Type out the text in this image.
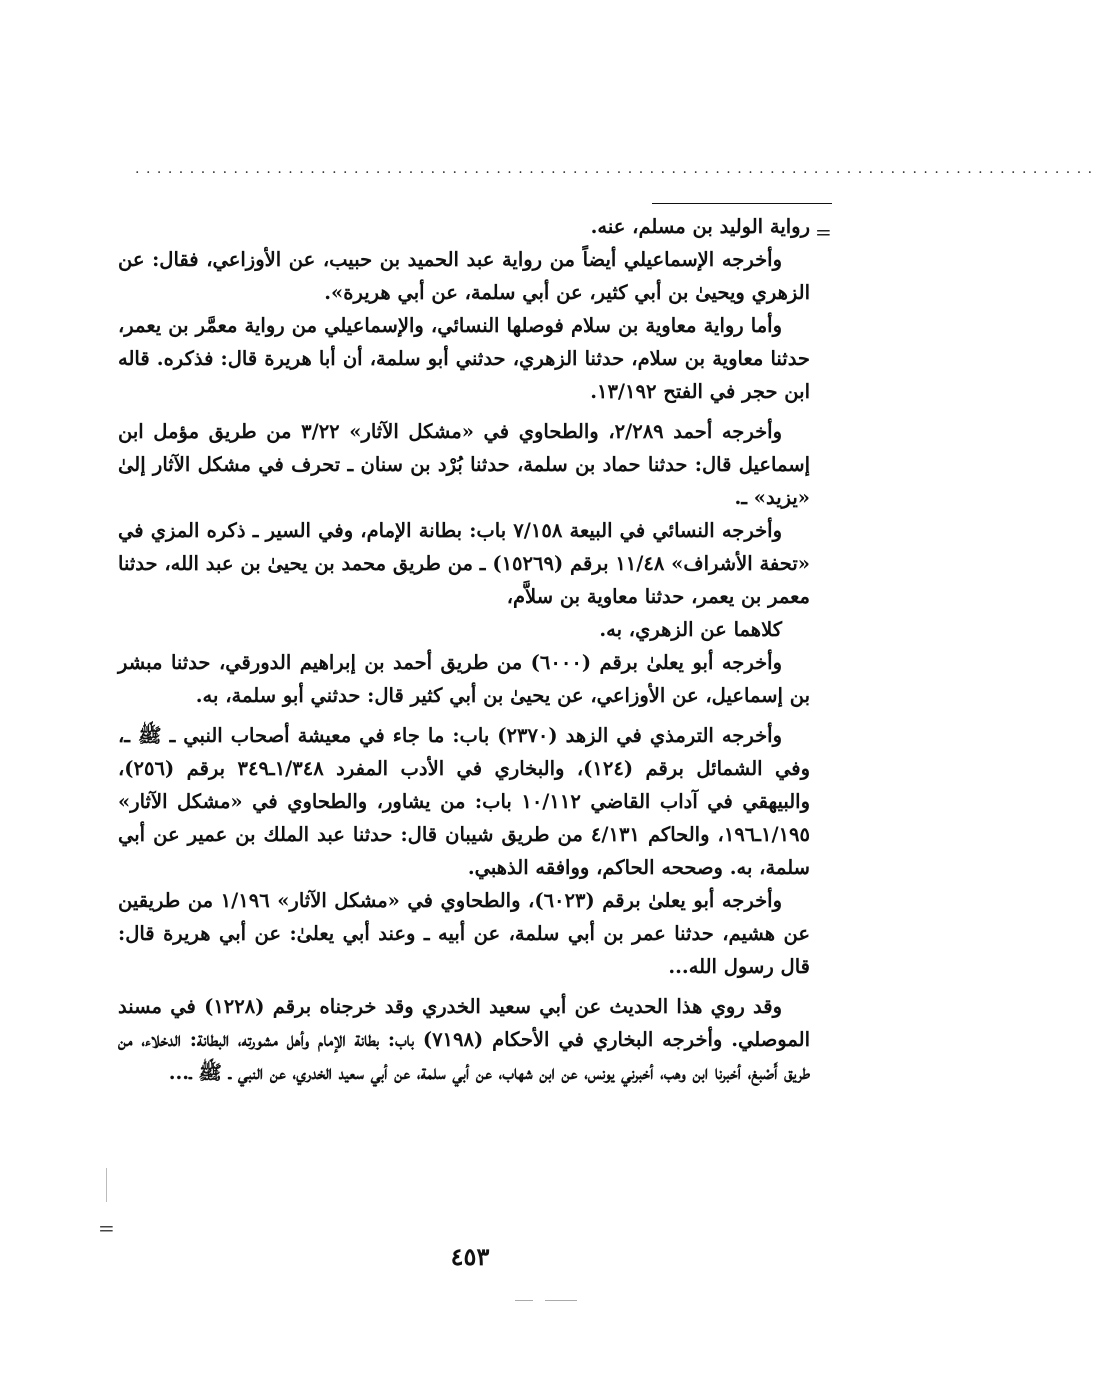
........................................................................................
=
=

رواية الوليد بن مسلم، عنه.

وأخرجه الإسماعيلي أيضاً من رواية عبد الحميد بن حبيب، عن الأوزاعي، فقال: عن الزهري ويحيىٰ بن أبي كثير، عن أبي سلمة، عن أبي هريرة».

وأما رواية معاوية بن سلام فوصلها النسائي، والإسماعيلي من رواية معمَّر بن يعمر، حدثنا معاوية بن سلام، حدثنا الزهري، حدثني أبو سلمة، أن أبا هريرة قال: فذكره. قاله ابن حجر في الفتح ١٣/١٩٢.

وأخرجه أحمد ٢/٢٨٩، والطحاوي في «مشكل الآثار» ٣/٢٢ من طريق مؤمل ابن إسماعيل قال: حدثنا حماد بن سلمة، حدثنا بُرْد بن سنان ـ تحرف في مشكل الآثار إلىٰ «يزيد» ـ.

وأخرجه النسائي في البيعة ٧/١٥٨ باب: بطانة الإمام، وفي السير ـ ذكره المزي في «تحفة الأشراف» ١١/٤٨ برقم (١٥٢٦٩) ـ من طريق محمد بن يحيىٰ بن عبد الله، حدثنا معمر بن يعمر، حدثنا معاوية بن سلاَّم،

كلاهما عن الزهري، به.

وأخرجه أبو يعلىٰ برقم (٦٠٠٠) من طريق أحمد بن إبراهيم الدورقي، حدثنا مبشر بن إسماعيل، عن الأوزاعي، عن يحيىٰ بن أبي كثير قال: حدثني أبو سلمة، به.

وأخرجه الترمذي في الزهد (٢٣٧٠) باب: ما جاء في معيشة أصحاب النبي ـ ﷺ ـ، وفي الشمائل برقم (١٢٤)، والبخاري في الأدب المفرد ١/٣٤٨ـ٣٤٩ برقم (٢٥٦)، والبيهقي في آداب القاضي ١٠/١١٢ باب: من يشاور، والطحاوي في «مشكل الآثار» ١/١٩٥ـ١٩٦، والحاكم ٤/١٣١ من طريق شيبان قال: حدثنا عبد الملك بن عمير عن أبي سلمة، به. وصححه الحاكم، ووافقه الذهبي.

وأخرجه أبو يعلىٰ برقم (٦٠٢٣)، والطحاوي في «مشكل الآثار» ١/١٩٦ من طريقين عن هشيم، حدثنا عمر بن أبي سلمة، عن أبيه ـ وعند أبي يعلىٰ: عن أبي هريرة قال: قال رسول الله...

وقد روي هذا الحديث عن أبي سعيد الخدري وقد خرجناه برقم (١٢٢٨) في مسند الموصلي. وأخرجه البخاري في الأحكام (٧١٩٨) باب: بطانة الإمام وأهل مشورته، البطانة: الدخلاء، من طريق أَصْبغ، أخبرنا ابن وهب، أخبرني يونس، عن ابن شهاب، عن أبي سلمة، عن أبي سعيد الخدري، عن النبي ـ ﷺ ـ...

٤٥٣
